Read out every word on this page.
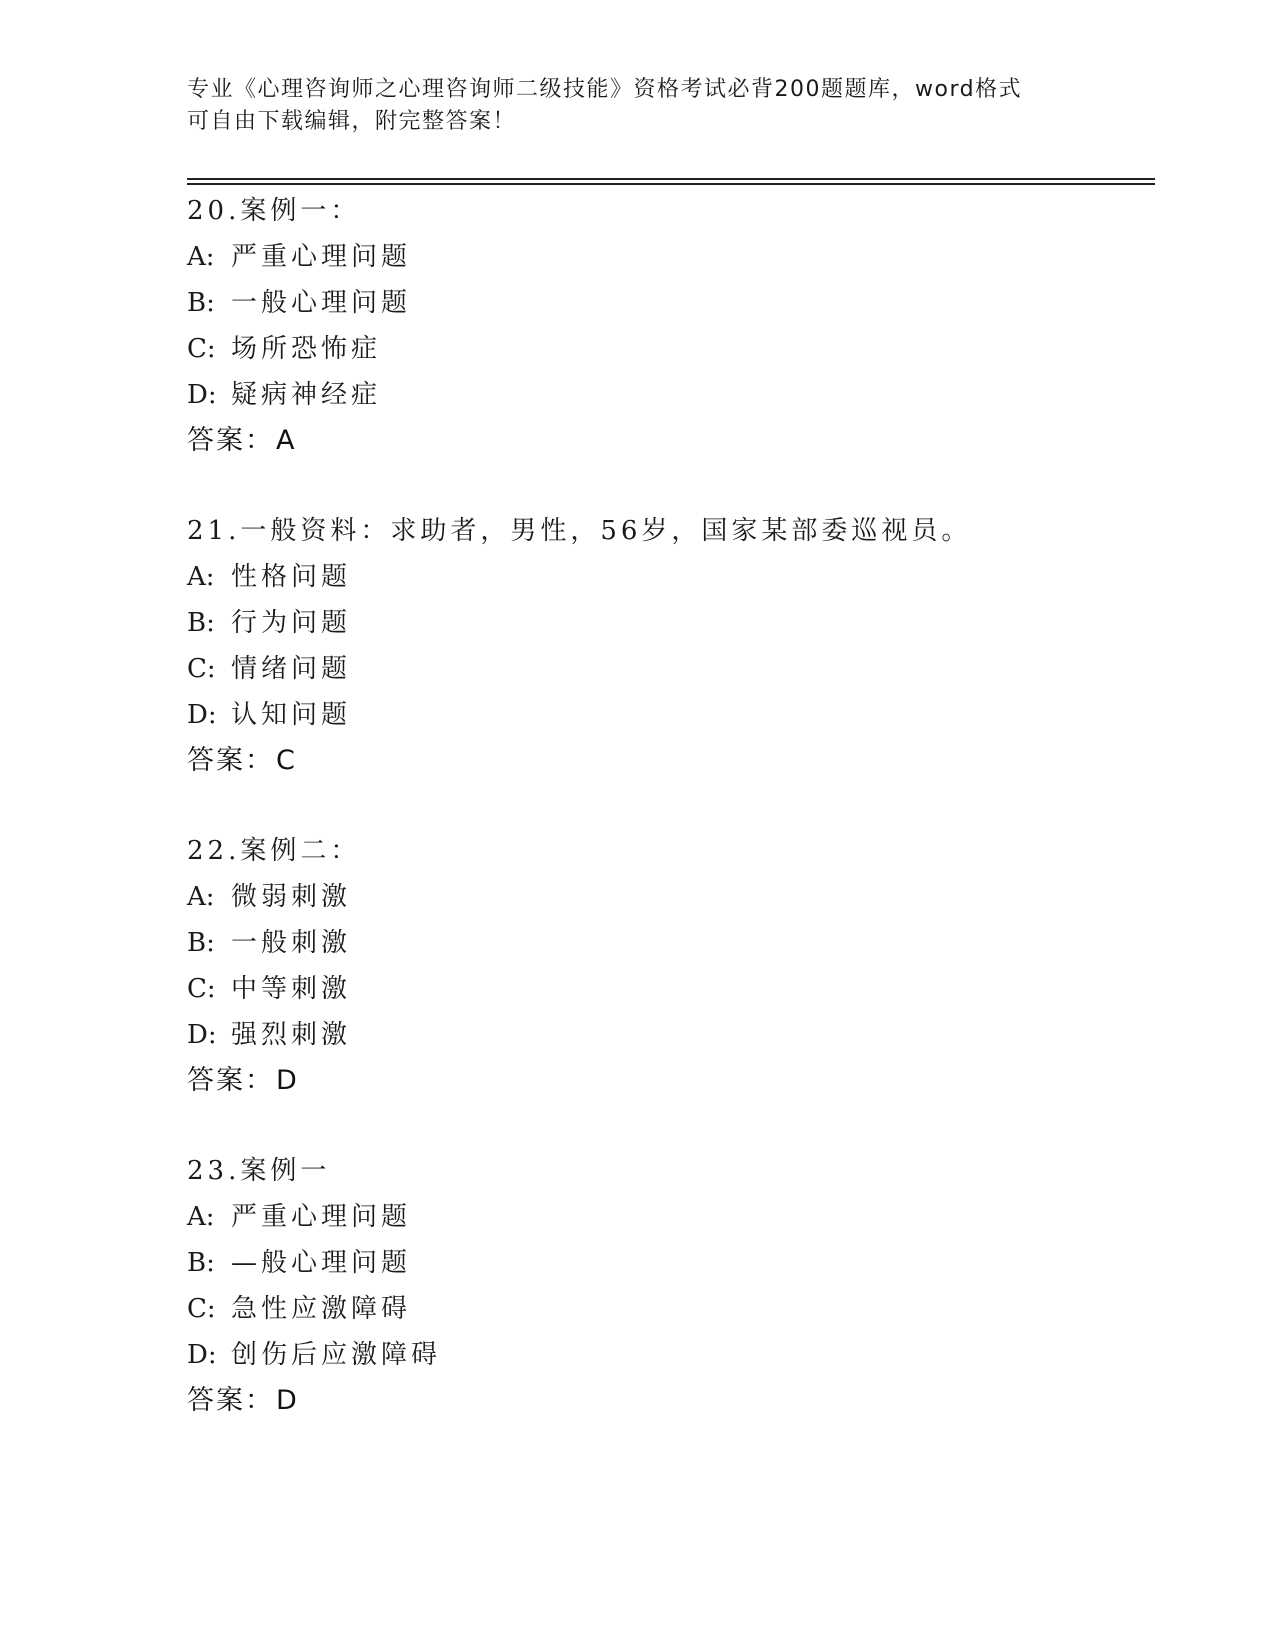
专业《心理咨询师之心理咨询师二级技能》资格考试必背200题题库，word格式
可自由下载编辑，附完整答案！
20.案例一：
A: 严重心理问题
B: 一般心理问题
C: 场所恐怖症
D: 疑病神经症
答案：A
21.一般资料：求助者，男性，56岁，国家某部委巡视员。
A: 性格问题
B: 行为问题
C: 情绪问题
D: 认知问题
答案：C
22.案例二：
A: 微弱刺激
B: 一般刺激
C: 中等刺激
D: 强烈刺激
答案：D
23.案例一
A: 严重心理问题
B: —般心理问题
C: 急性应激障碍
D: 创伤后应激障碍
答案：D
